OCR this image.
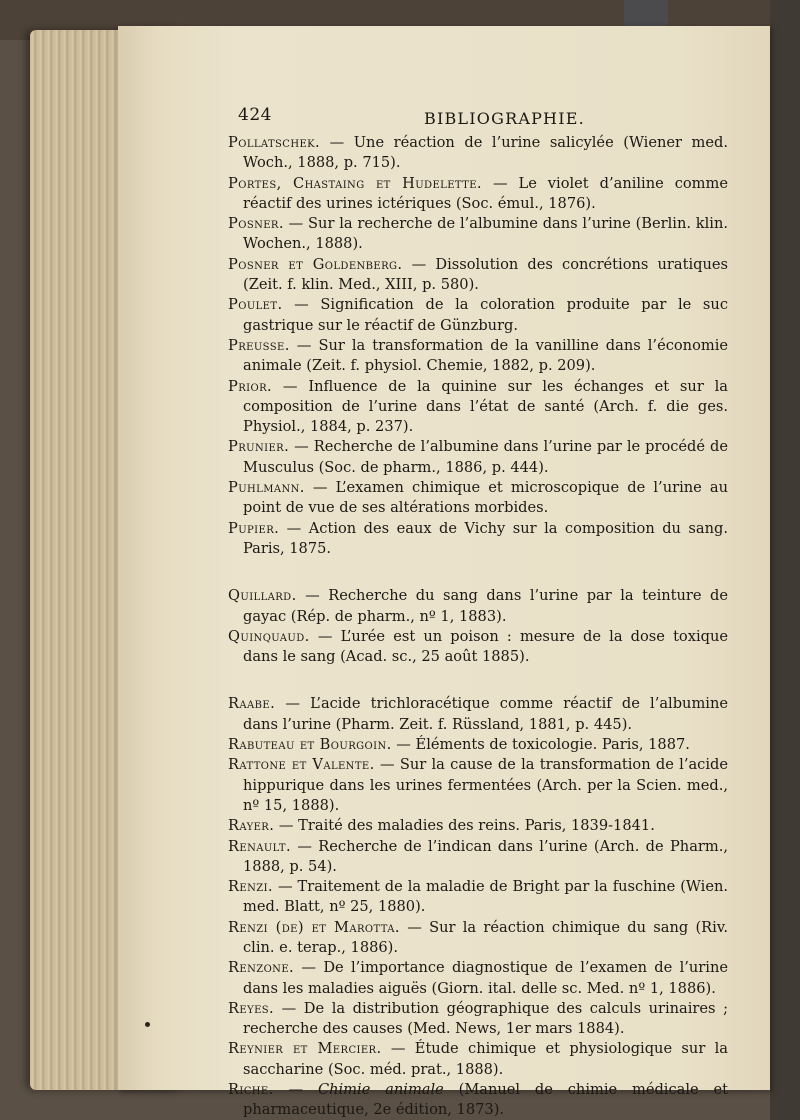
424	BIBLIOGRAPHIE.
Pollatschek. — Une réaction de l’urine salicylée (Wiener med. Woch., 1888, p. 715).
Portes, Chastaing et Hudelette. — Le violet d’aniline comme réactif des urines ictériques (Soc. émul., 1876).
Posner. — Sur la recherche de l’albumine dans l’urine (Berlin. klin. Wochen., 1888).
Posner et Goldenberg. — Dissolution des concrétions uratiques (Zeit. f. klin. Med., XIII, p. 580).
Poulet. — Signification de la coloration produite par le suc gastrique sur le réactif de Günzburg.
Preusse. — Sur la transformation de la vanilline dans l’économie animale (Zeit. f. physiol. Chemie, 1882, p. 209).
Prior. — Influence de la quinine sur les échanges et sur la composition de l’urine dans l’état de santé (Arch. f. die ges. Physiol., 1884, p. 237).
Prunier. — Recherche de l’albumine dans l’urine par le procédé de Musculus (Soc. de pharm., 1886, p. 444).
Puhlmann. — L’examen chimique et microscopique de l’urine au point de vue de ses altérations morbides.
Pupier. — Action des eaux de Vichy sur la composition du sang. Paris, 1875.
Quillard. — Recherche du sang dans l’urine par la teinture de gayac (Rép. de pharm., nº 1, 1883).
Quinquaud. — L’urée est un poison : mesure de la dose toxique dans le sang (Acad. sc., 25 août 1885).
Raabe. — L’acide trichloracétique comme réactif de l’albumine dans l’urine (Pharm. Zeit. f. Rüssland, 1881, p. 445).
Rabuteau et Bourgoin. — Éléments de toxicologie. Paris, 1887.
Rattone et Valente. — Sur la cause de la transformation de l’acide hippurique dans les urines fermentées (Arch. per la Scien. med., nº 15, 1888).
Rayer. — Traité des maladies des reins. Paris, 1839-1841.
Renault. — Recherche de l’indican dans l’urine (Arch. de Pharm., 1888, p. 54).
Renzi. — Traitement de la maladie de Bright par la fuschine (Wien. med. Blatt, nº 25, 1880).
Renzi (de) et Marotta. — Sur la réaction chimique du sang (Riv. clin. e. terap., 1886).
Renzone. — De l’importance diagnostique de l’examen de l’urine dans les maladies aiguës (Giorn. ital. delle sc. Med. nº 1, 1886).
Reyes. — De la distribution géographique des calculs urinaires ; recherche des causes (Med. News, 1er mars 1884).
Reynier et Mercier. — Étude chimique et physiologique sur la saccharine (Soc. méd. prat., 1888).
Riche. — Chimie animale (Manuel de chimie médicale et pharmaceutique, 2e édition, 1873).
